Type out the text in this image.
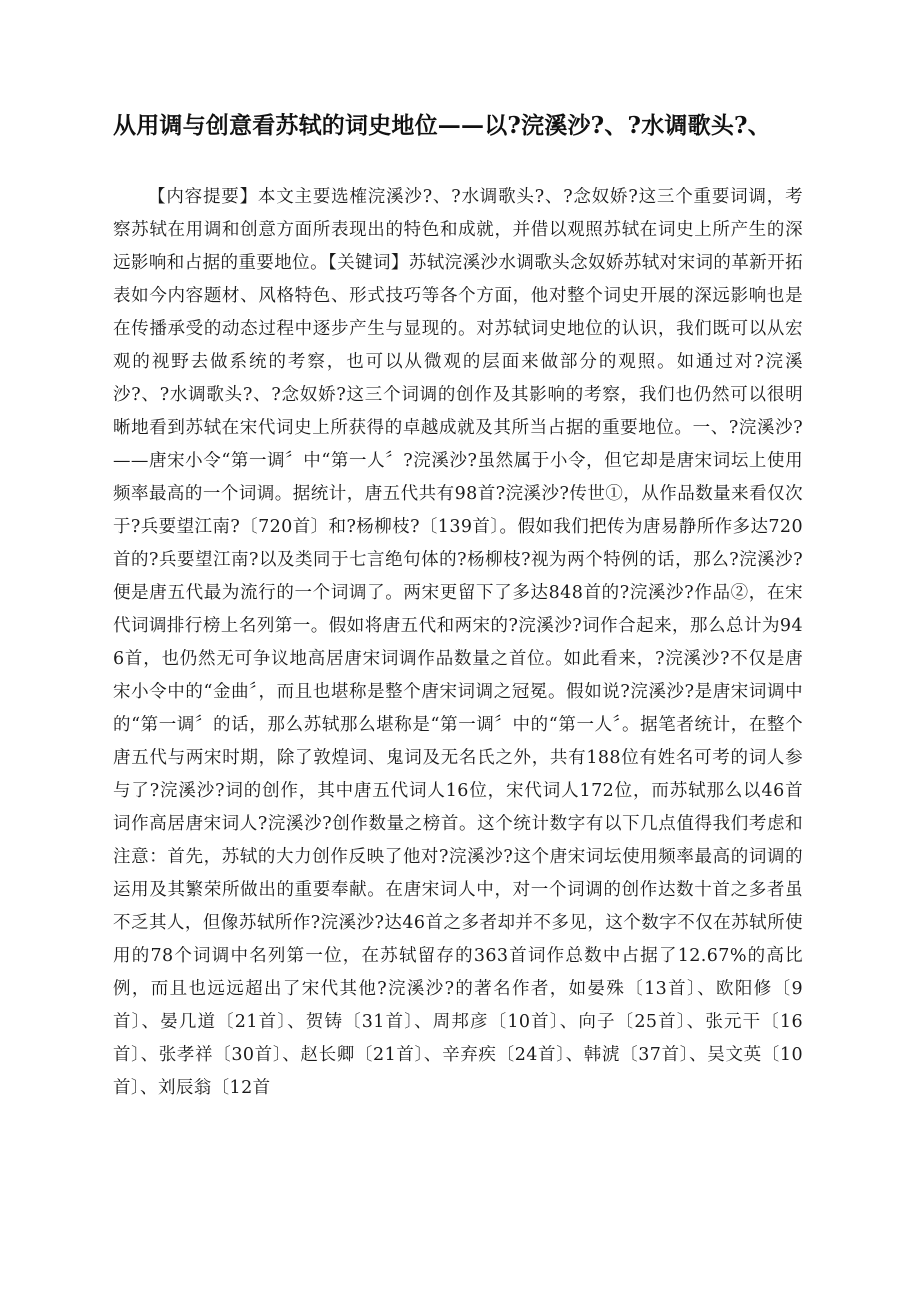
从用调与创意看苏轼的词史地位——以?浣溪沙?、?水调歌头?、

【内容提要】本文主要选榷浣溪沙?、?水调歌头?、?念奴娇?这三个重要词调，考察苏轼在用调和创意方面所表现出的特色和成就，并借以观照苏轼在词史上所产生的深远影响和占据的重要地位。【关键词】苏轼浣溪沙水调歌头念奴娇苏轼对宋词的革新开拓表如今内容题材、风格特色、形式技巧等各个方面，他对整个词史开展的深远影响也是在传播承受的动态过程中逐步产生与显现的。对苏轼词史地位的认识，我们既可以从宏观的视野去做系统的考察，也可以从微观的层面来做部分的观照。如通过对?浣溪沙?、?水调歌头?、?念奴娇?这三个词调的创作及其影响的考察，我们也仍然可以很明晰地看到苏轼在宋代词史上所获得的卓越成就及其所当占据的重要地位。一、?浣溪沙?——唐宋小令“第一调〞中“第一人〞?浣溪沙?虽然属于小令，但它却是唐宋词坛上使用频率最高的一个词调。据统计，唐五代共有98首?浣溪沙?传世①，从作品数量来看仅次于?兵要望江南?〔720首〕和?杨柳枝?〔139首〕。假如我们把传为唐易静所作多达720首的?兵要望江南?以及类同于七言绝句体的?杨柳枝?视为两个特例的话，那么?浣溪沙?便是唐五代最为流行的一个词调了。两宋更留下了多达848首的?浣溪沙?作品②，在宋代词调排行榜上名列第一。假如将唐五代和两宋的?浣溪沙?词作合起来，那么总计为946首，也仍然无可争议地高居唐宋词调作品数量之首位。如此看来，?浣溪沙?不仅是唐宋小令中的“金曲〞，而且也堪称是整个唐宋词调之冠冕。假如说?浣溪沙?是唐宋词调中的“第一调〞的话，那么苏轼那么堪称是“第一调〞中的“第一人〞。据笔者统计，在整个唐五代与两宋时期，除了敦煌词、鬼词及无名氏之外，共有188位有姓名可考的词人参与了?浣溪沙?词的创作，其中唐五代词人16位，宋代词人172位，而苏轼那么以46首词作高居唐宋词人?浣溪沙?创作数量之榜首。这个统计数字有以下几点值得我们考虑和注意：首先，苏轼的大力创作反映了他对?浣溪沙?这个唐宋词坛使用频率最高的词调的运用及其繁荣所做出的重要奉献。在唐宋词人中，对一个词调的创作达数十首之多者虽不乏其人，但像苏轼所作?浣溪沙?达46首之多者却并不多见，这个数字不仅在苏轼所使用的78个词调中名列第一位，在苏轼留存的363首词作总数中占据了12.67%的高比例，而且也远远超出了宋代其他?浣溪沙?的著名作者，如晏殊〔13首〕、欧阳修〔9首〕、晏几道〔21首〕、贺铸〔31首〕、周邦彦〔10首〕、向子〔25首〕、张元干〔16首〕、张孝祥〔30首〕、赵长卿〔21首〕、辛弃疾〔24首〕、韩淲〔37首〕、吴文英〔10首〕、刘辰翁〔12首
